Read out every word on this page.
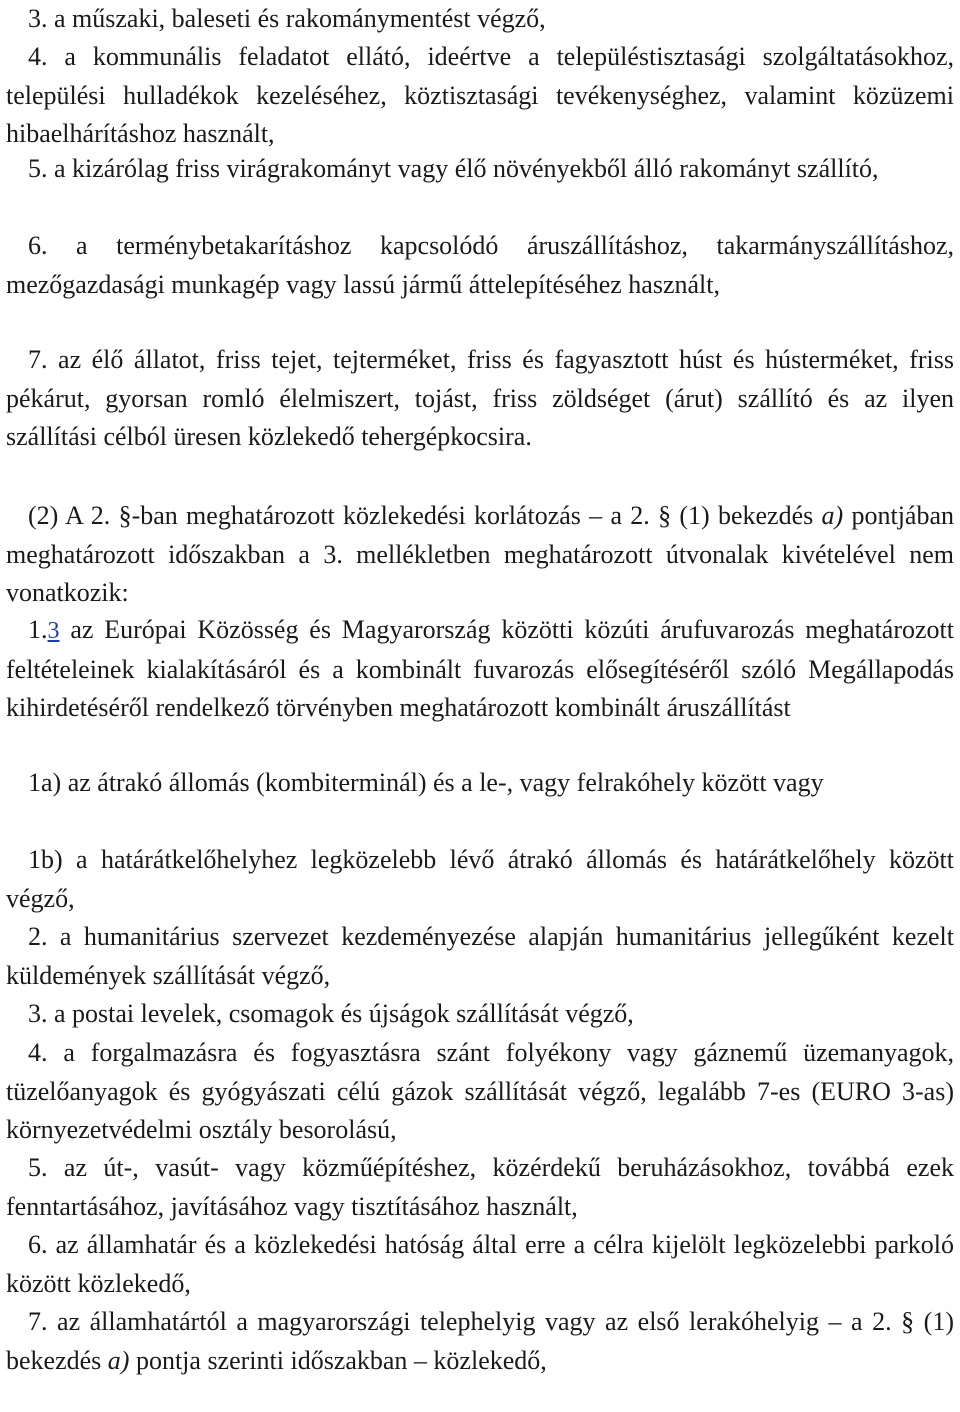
3. a műszaki, baleseti és rakománymentést végző,

4. a kommunális feladatot ellátó, ideértve a településtisztasági szolgáltatásokhoz, települési hulladékok kezeléséhez, köztisztasági tevékenységhez, valamint közüzemi hibaelhárításhoz használt,

5. a kizárólag friss virágrakományt vagy élő növényekből álló rakományt szállító,

6. a terménybetakarításhoz kapcsolódó áruszállításhoz, takarmányszállításhoz, mezőgazdasági munkagép vagy lassú jármű áttelepítéséhez használt,

7. az élő állatot, friss tejet, tejterméket, friss és fagyasztott húst és hústerméket, friss pékárut, gyorsan romló élelmiszert, tojást, friss zöldséget (árut) szállító és az ilyen szállítási célból üresen közlekedő tehergépkocsira.

(2) A 2. §-ban meghatározott közlekedési korlátozás – a 2. § (1) bekezdés a) pontjában meghatározott időszakban a 3. mellékletben meghatározott útvonalak kivételével nem vonatkozik:

1.3 az Európai Közösség és Magyarország közötti közúti árufuvarozás meghatározott feltételeinek kialakításáról és a kombinált fuvarozás elősegítéséről szóló Megállapodás kihirdetéséről rendelkező törvényben meghatározott kombinált áruszállítást

1a) az átrakó állomás (kombiterminál) és a le-, vagy felrakóhely között vagy

1b) a határátkelőhelyhez legközelebb lévő átrakó állomás és határátkelőhely között végző,

2. a humanitárius szervezet kezdeményezése alapján humanitárius jellegűként kezelt küldemények szállítását végző,

3. a postai levelek, csomagok és újságok szállítását végző,

4. a forgalmazásra és fogyasztásra szánt folyékony vagy gáznemű üzemanyagok, tüzelőanyagok és gyógyászati célú gázok szállítását végző, legalább 7-es (EURO 3-as) környezetvédelmi osztály besorolású,

5. az út-, vasút- vagy közműépítéshez, közérdekű beruházásokhoz, továbbá ezek fenntartásához, javításához vagy tisztításához használt,

6. az államhatár és a közlekedési hatóság által erre a célra kijelölt legközelebbi parkoló között közlekedő,

7. az államhatártól a magyarországi telephelyig vagy az első lerakóhelyig – a 2. § (1) bekezdés a) pontja szerinti időszakban – közlekedő,
